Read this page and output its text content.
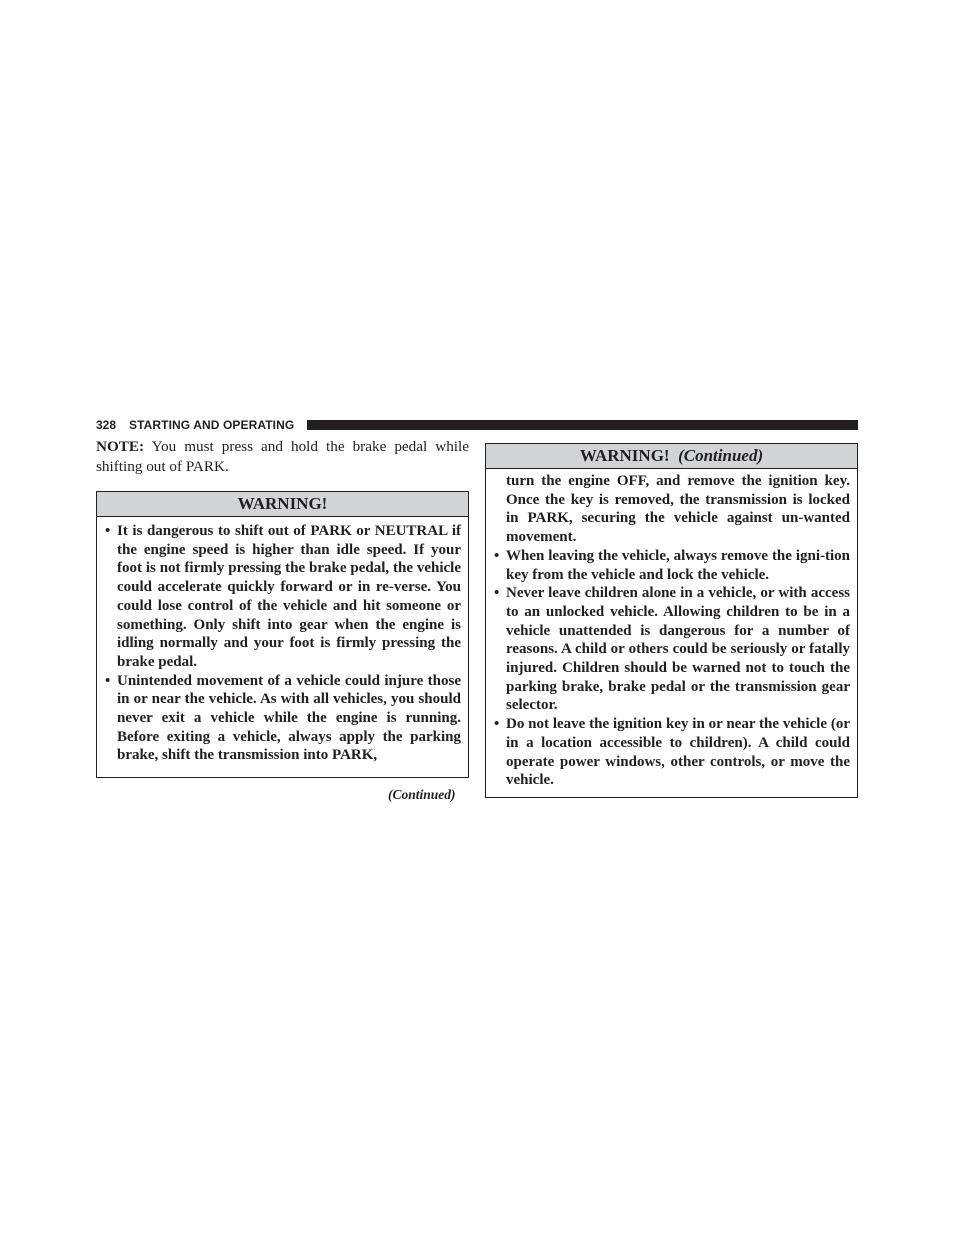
328 STARTING AND OPERATING

NOTE: You must press and hold the brake pedal while shifting out of PARK.

WARNING!
• It is dangerous to shift out of PARK or NEUTRAL if the engine speed is higher than idle speed. If your foot is not firmly pressing the brake pedal, the vehicle could accelerate quickly forward or in re-verse. You could lose control of the vehicle and hit someone or something. Only shift into gear when the engine is idling normally and your foot is firmly pressing the brake pedal.
• Unintended movement of a vehicle could injure those in or near the vehicle. As with all vehicles, you should never exit a vehicle while the engine is running. Before exiting a vehicle, always apply the parking brake, shift the transmission into PARK,
(Continued)
WARNING! (Continued)
turn the engine OFF, and remove the ignition key. Once the key is removed, the transmission is locked in PARK, securing the vehicle against un-wanted movement.
• When leaving the vehicle, always remove the igni-tion key from the vehicle and lock the vehicle.
• Never leave children alone in a vehicle, or with access to an unlocked vehicle. Allowing children to be in a vehicle unattended is dangerous for a number of reasons. A child or others could be seriously or fatally injured. Children should be warned not to touch the parking brake, brake pedal or the transmission gear selector.
• Do not leave the ignition key in or near the vehicle (or in a location accessible to children). A child could operate power windows, other controls, or move the vehicle.
